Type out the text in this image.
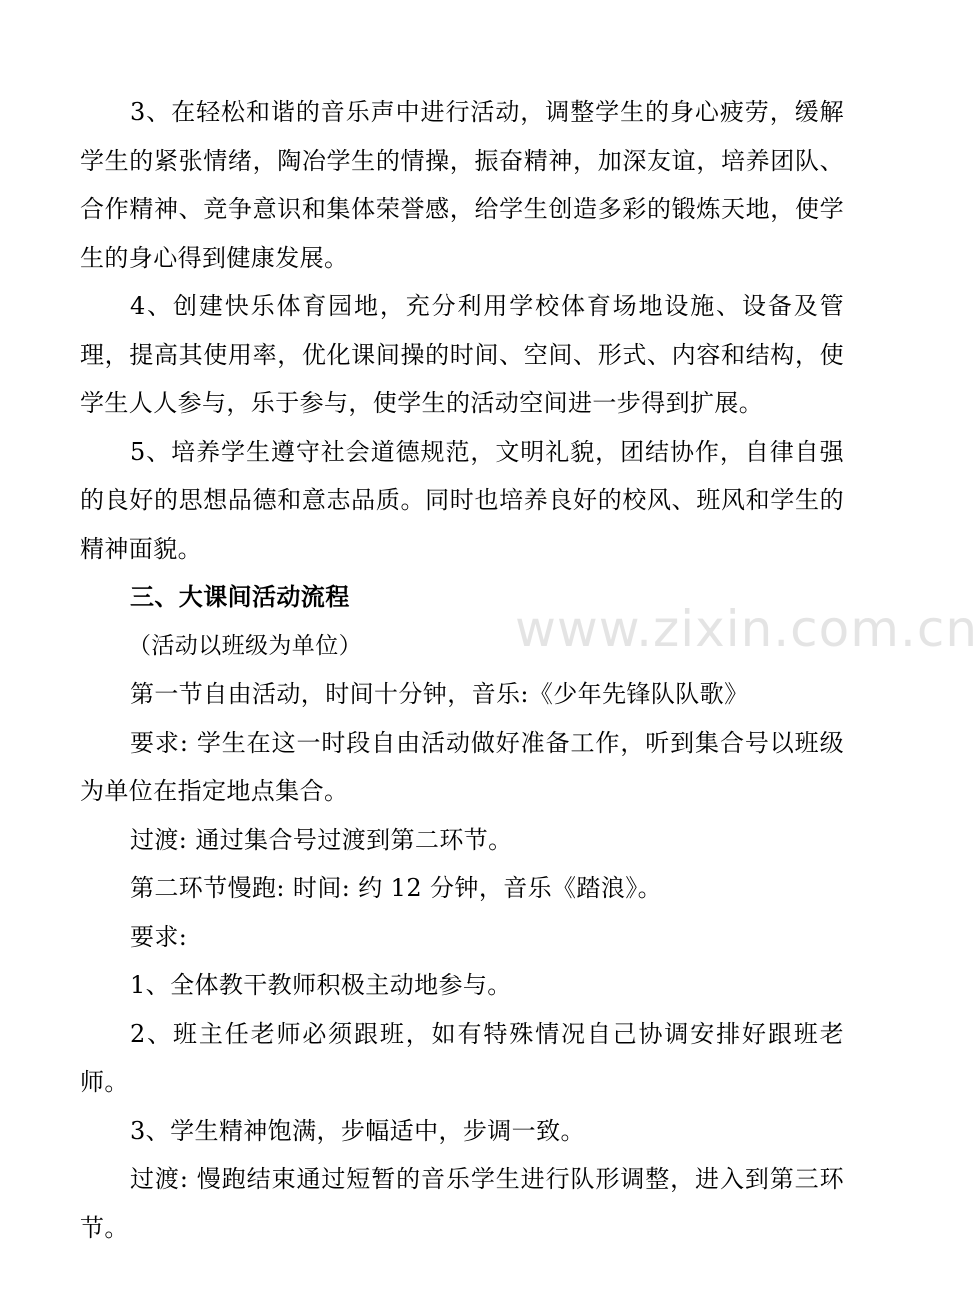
3、在轻松和谐的音乐声中进行活动，调整学生的身心疲劳，缓解学生的紧张情绪，陶冶学生的情操，振奋精神，加深友谊，培养团队、合作精神、竞争意识和集体荣誉感，给学生创造多彩的锻炼天地，使学生的身心得到健康发展。

4、创建快乐体育园地，充分利用学校体育场地设施、设备及管理，提高其使用率，优化课间操的时间、空间、形式、内容和结构，使学生人人参与，乐于参与，使学生的活动空间进一步得到扩展。

5、培养学生遵守社会道德规范，文明礼貌，团结协作，自律自强的良好的思想品德和意志品质。同时也培养良好的校风、班风和学生的精神面貌。

三、大课间活动流程

（活动以班级为单位）

第一节自由活动，时间十分钟，音乐:《少年先锋队队歌》

要求: 学生在这一时段自由活动做好准备工作，听到集合号以班级为单位在指定地点集合。

过渡: 通过集合号过渡到第二环节。

第二环节慢跑: 时间: 约 12 分钟，音乐《踏浪》。

要求:

1、全体教干教师积极主动地参与。

2、班主任老师必须跟班，如有特殊情况自己协调安排好跟班老师。

3、学生精神饱满，步幅适中，步调一致。

过渡: 慢跑结束通过短暂的音乐学生进行队形调整，进入到第三环节。

www.zixin.com.cn
